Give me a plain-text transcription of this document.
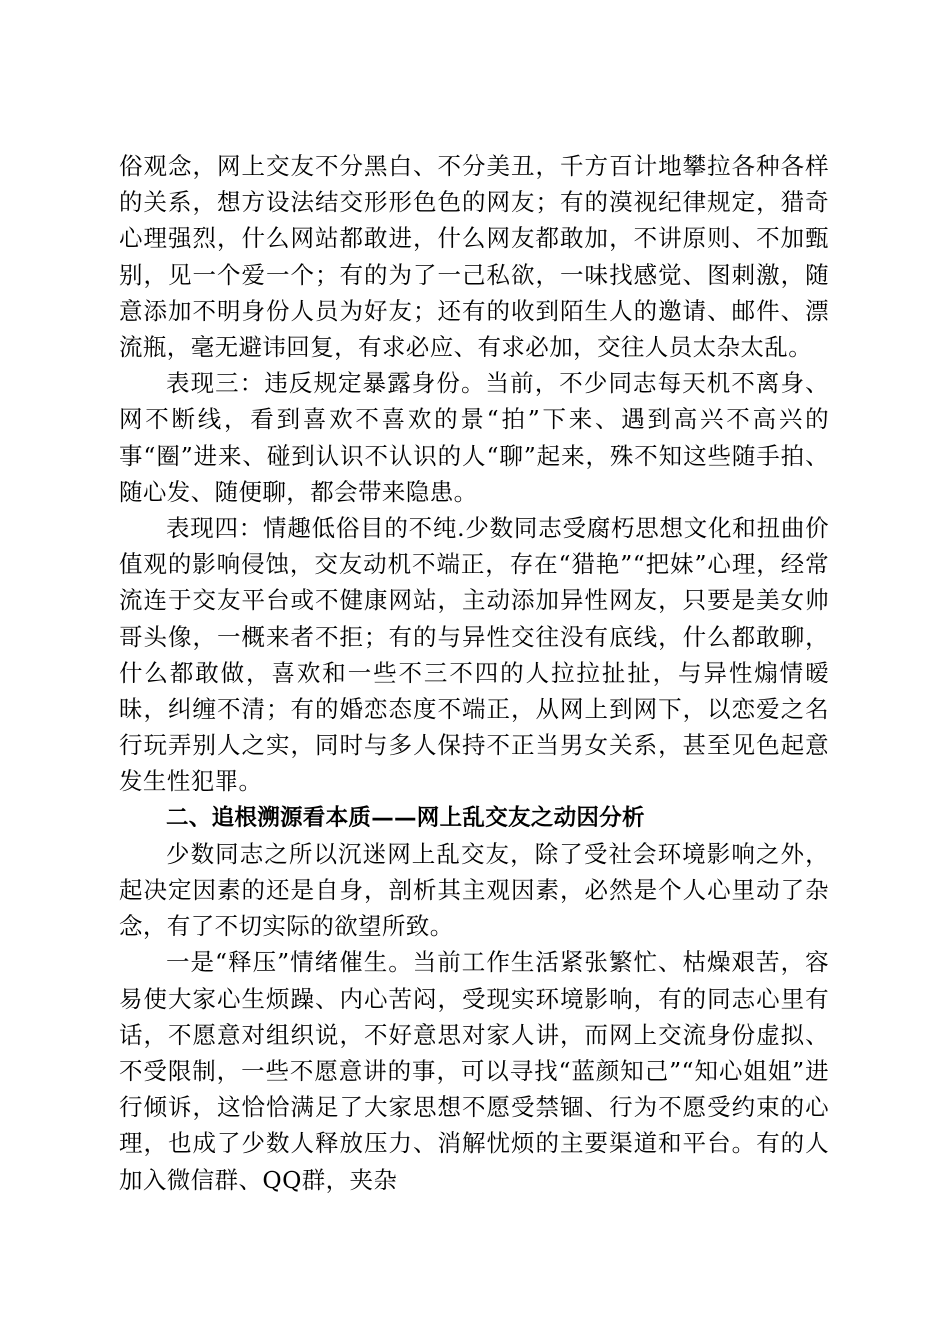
俗观念，网上交友不分黑白、不分美丑，千方百计地攀拉各种各样的关系，想方设法结交形形色色的网友；有的漠视纪律规定，猎奇心理强烈，什么网站都敢进，什么网友都敢加，不讲原则、不加甄别，见一个爱一个；有的为了一己私欲，一味找感觉、图刺激，随意添加不明身份人员为好友；还有的收到陌生人的邀请、邮件、漂流瓶，毫无避讳回复，有求必应、有求必加，交往人员太杂太乱。

表现三：违反规定暴露身份。当前，不少同志每天机不离身、网不断线，看到喜欢不喜欢的景“拍”下来、遇到高兴不高兴的事“圈”进来、碰到认识不认识的人“聊”起来，殊不知这些随手拍、随心发、随便聊，都会带来隐患。

表现四：情趣低俗目的不纯.少数同志受腐朽思想文化和扭曲价值观的影响侵蚀，交友动机不端正，存在“猎艳”“把妹”心理，经常流连于交友平台或不健康网站，主动添加异性网友，只要是美女帅哥头像，一概来者不拒；有的与异性交往没有底线，什么都敢聊，什么都敢做，喜欢和一些不三不四的人拉拉扯扯，与异性煽情暧昧，纠缠不清；有的婚恋态度不端正，从网上到网下，以恋爱之名行玩弄别人之实，同时与多人保持不正当男女关系，甚至见色起意发生性犯罪。

二、追根溯源看本质——网上乱交友之动因分析

少数同志之所以沉迷网上乱交友，除了受社会环境影响之外，起决定因素的还是自身，剖析其主观因素，必然是个人心里动了杂念，有了不切实际的欲望所致。

一是“释压”情绪催生。当前工作生活紧张繁忙、枯燥艰苦，容易使大家心生烦躁、内心苦闷，受现实环境影响，有的同志心里有话，不愿意对组织说，不好意思对家人讲，而网上交流身份虚拟、不受限制，一些不愿意讲的事，可以寻找“蓝颜知己”“知心姐姐”进行倾诉，这恰恰满足了大家思想不愿受禁锢、行为不愿受约束的心理，也成了少数人释放压力、消解忧烦的主要渠道和平台。有的人加入微信群、QQ群，夹杂
